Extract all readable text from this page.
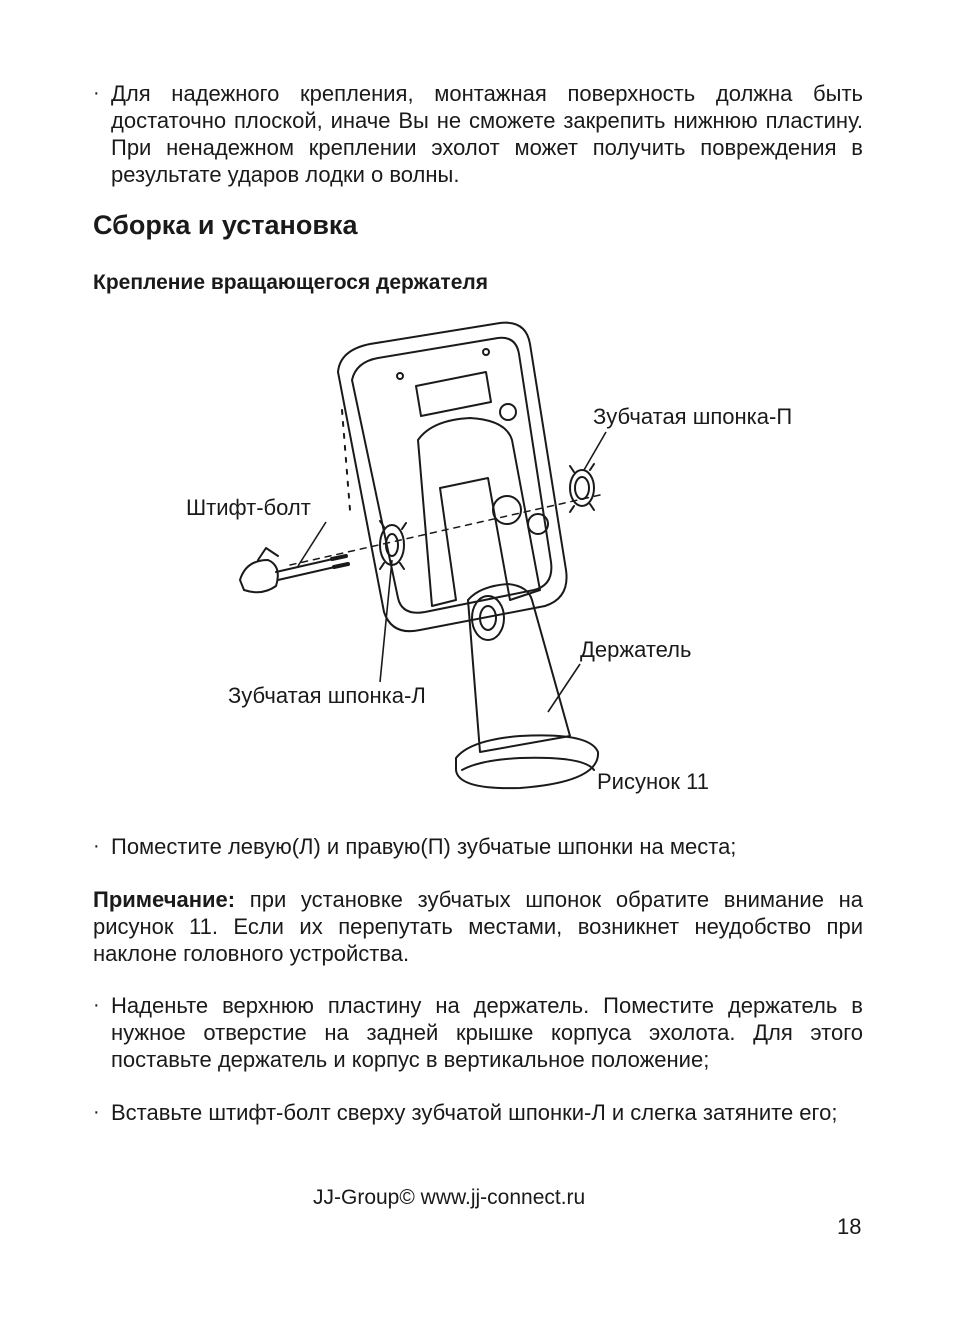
· Для надежного крепления, монтажная поверхность должна быть достаточно плоской, иначе Вы не сможете закрепить нижнюю пластину. При ненадежном креплении эхолот может получить повреждения в результате ударов лодки о волны.
Сборка и установка
Крепление вращающегося держателя
Зубчатая шпонка-П
Штифт-болт
Держатель
Зубчатая шпонка-Л
Рисунок 11
· Поместите левую(Л) и правую(П) зубчатые шпонки на места;
Примечание: при установке зубчатых шпонок обратите внимание на рисунок 11. Если их перепутать местами, возникнет неудобство при наклоне головного устройства.
· Наденьте верхнюю пластину на держатель. Поместите держатель в нужное отверстие на задней крышке корпуса эхолота. Для этого поставьте держатель и корпус в вертикальное положение;
· Вставьте штифт-болт сверху зубчатой шпонки-Л и слегка затяните его;
JJ-Group© www.jj-connect.ru
18
